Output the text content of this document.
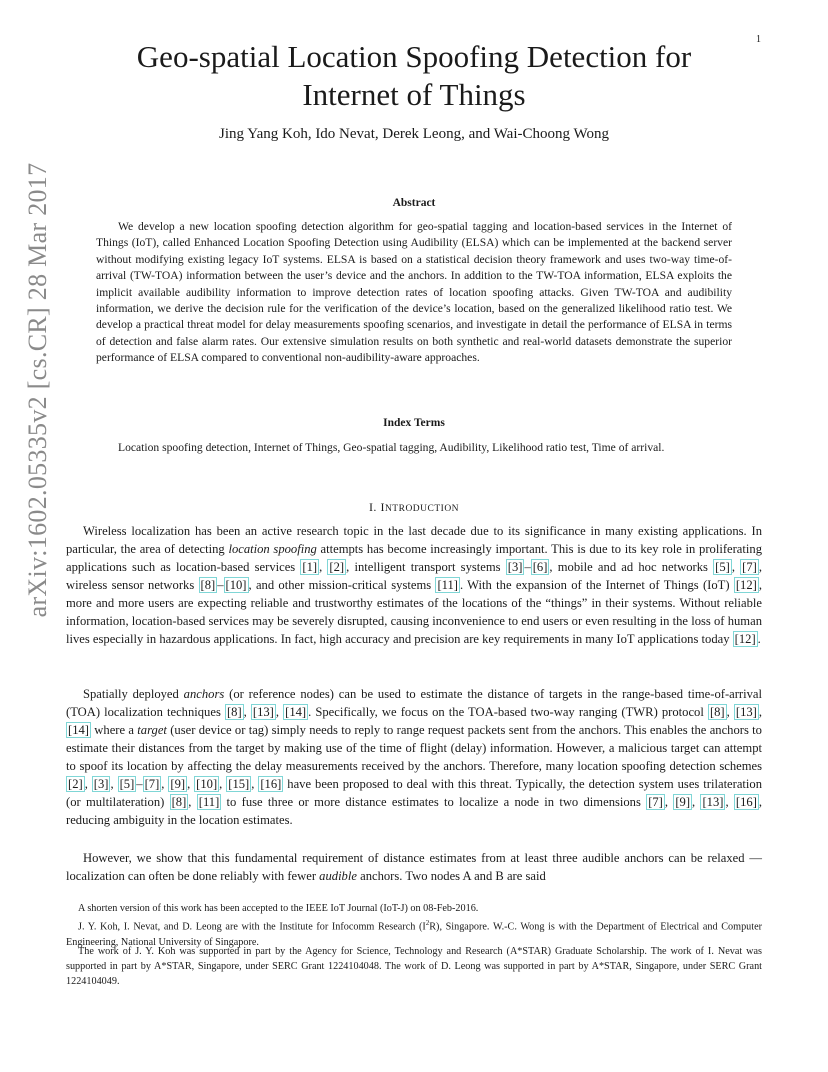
1
arXiv:1602.05335v2 [cs.CR] 28 Mar 2017
Geo-spatial Location Spoofing Detection for
Internet of Things
Jing Yang Koh, Ido Nevat, Derek Leong, and Wai-Choong Wong
Abstract

We develop a new location spoofing detection algorithm for geo-spatial tagging and location-based services in the Internet of Things (IoT), called Enhanced Location Spoofing Detection using Audibility (ELSA) which can be implemented at the backend server without modifying existing legacy IoT systems. ELSA is based on a statistical decision theory framework and uses two-way time-of-arrival (TW-TOA) information between the user’s device and the anchors. In addition to the TW-TOA information, ELSA exploits the implicit available audibility information to improve detection rates of location spoofing attacks. Given TW-TOA and audibility information, we derive the decision rule for the verification of the device’s location, based on the generalized likelihood ratio test. We develop a practical threat model for delay measurements spoofing scenarios, and investigate in detail the performance of ELSA in terms of detection and false alarm rates. Our extensive simulation results on both synthetic and real-world datasets demonstrate the superior performance of ELSA compared to conventional non-audibility-aware approaches.

Index Terms

Location spoofing detection, Internet of Things, Geo-spatial tagging, Audibility, Likelihood ratio test, Time of arrival.

I. INTRODUCTION

Wireless localization has been an active research topic in the last decade due to its significance in many existing applications. In particular, the area of detecting location spoofing attempts has become increasingly important. This is due to its key role in proliferating applications such as location-based services [1] , [2] , intelligent transport systems [3] – [6] , mobile and ad hoc networks [5] , [7] , wireless sensor networks [8] – [10] , and other mission-critical systems [11] . With the expansion of the Internet of Things (IoT) [12] , more and more users are expecting reliable and trustworthy estimates of the locations of the “things” in their systems. Without reliable information, location-based services may be severely disrupted, causing inconvenience to end users or even resulting in the loss of human lives especially in hazardous applications. In fact, high accuracy and precision are key requirements in many IoT applications today [12] .

Spatially deployed anchors (or reference nodes) can be used to estimate the distance of targets in the range-based time-of-arrival (TOA) localization techniques [8] , [13] , [14] . Specifically, we focus on the TOA-based two-way ranging (TWR) protocol [8] , [13] , [14] where a target (user device or tag) simply needs to reply to range request packets sent from the anchors. This enables the anchors to estimate their distances from the target by making use of the time of flight (delay) information. However, a malicious target can attempt to spoof its location by affecting the delay measurements received by the anchors. Therefore, many location spoofing detection schemes [2] , [3] , [5] – [7] , [9] , [10] , [15] , [16] have been proposed to deal with this threat. Typically, the detection system uses trilateration (or multilateration) [8] , [11] to fuse three or more distance estimates to localize a node in two dimensions [7] , [9] , [13] , [16] , reducing ambiguity in the location estimates.

However, we show that this fundamental requirement of distance estimates from at least three audible anchors can be relaxed — localization can often be done reliably with fewer audible anchors. Two nodes A and B are said

A shorten version of this work has been accepted to the IEEE IoT Journal (IoT-J) on 08-Feb-2016.

J. Y. Koh, I. Nevat, and D. Leong are with the Institute for Infocomm Research $(I^2R)$, Singapore. W.-C. Wong is with the Department of Electrical and Computer Engineering, National University of Singapore.

The work of J. Y. Koh was supported in part by the Agency for Science, Technology and Research (A*STAR) Graduate Scholarship. The work of I. Nevat was supported in part by A*STAR, Singapore, under SERC Grant 1224104048. The work of D. Leong was supported in part by A*STAR, Singapore, under SERC Grant 1224104049.
